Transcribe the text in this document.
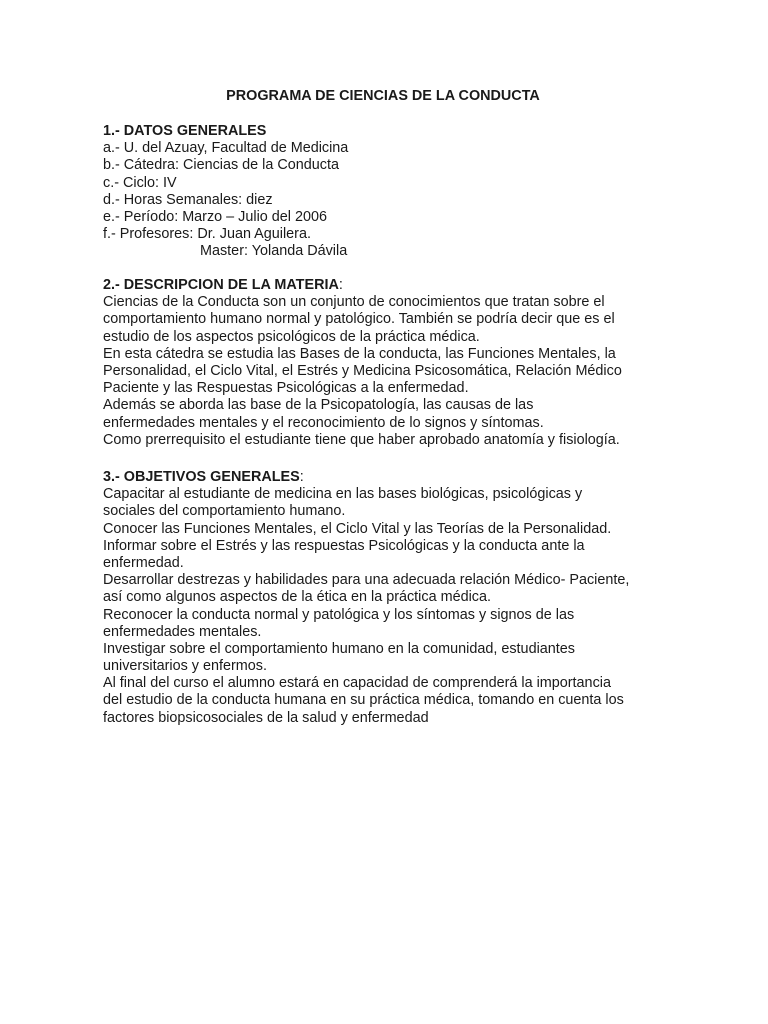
PROGRAMA DE CIENCIAS DE LA CONDUCTA
1.- DATOS GENERALES
a.- U. del Azuay, Facultad de Medicina
b.- Cátedra: Ciencias de la Conducta
c.- Ciclo: IV
d.- Horas Semanales: diez
e.- Período: Marzo – Julio del 2006
f.- Profesores: Dr. Juan Aguilera.
Master: Yolanda Dávila
2.- DESCRIPCION DE LA MATERIA:
Ciencias de la Conducta son un conjunto de conocimientos que tratan sobre el
comportamiento humano normal y patológico. También se podría decir que es el
estudio de los aspectos psicológicos de la práctica médica.
En esta cátedra se estudia las Bases de la conducta, las Funciones Mentales, la
Personalidad, el Ciclo Vital, el Estrés y Medicina Psicosomática, Relación Médico
Paciente y las Respuestas Psicológicas a la enfermedad.
Además se aborda las base de la Psicopatología, las causas de las
enfermedades mentales y el reconocimiento de lo signos y síntomas.
Como prerrequisito el estudiante tiene que haber aprobado anatomía y fisiología.
3.- OBJETIVOS GENERALES:
Capacitar al estudiante de medicina en las bases biológicas, psicológicas y
sociales del comportamiento humano.
Conocer las Funciones Mentales, el Ciclo Vital y las Teorías de la Personalidad.
Informar sobre el Estrés y las respuestas Psicológicas y la conducta ante la
enfermedad.
Desarrollar destrezas y habilidades para una adecuada relación Médico- Paciente,
así como algunos aspectos de la ética en la práctica médica.
Reconocer la conducta normal y patológica y los síntomas y signos de las
enfermedades mentales.
Investigar sobre el comportamiento humano en la comunidad, estudiantes
universitarios y enfermos.
Al final del curso el alumno estará en capacidad de comprenderá la importancia
del estudio de la conducta humana en su práctica médica, tomando en cuenta los
factores biopsicosociales de la salud y enfermedad
